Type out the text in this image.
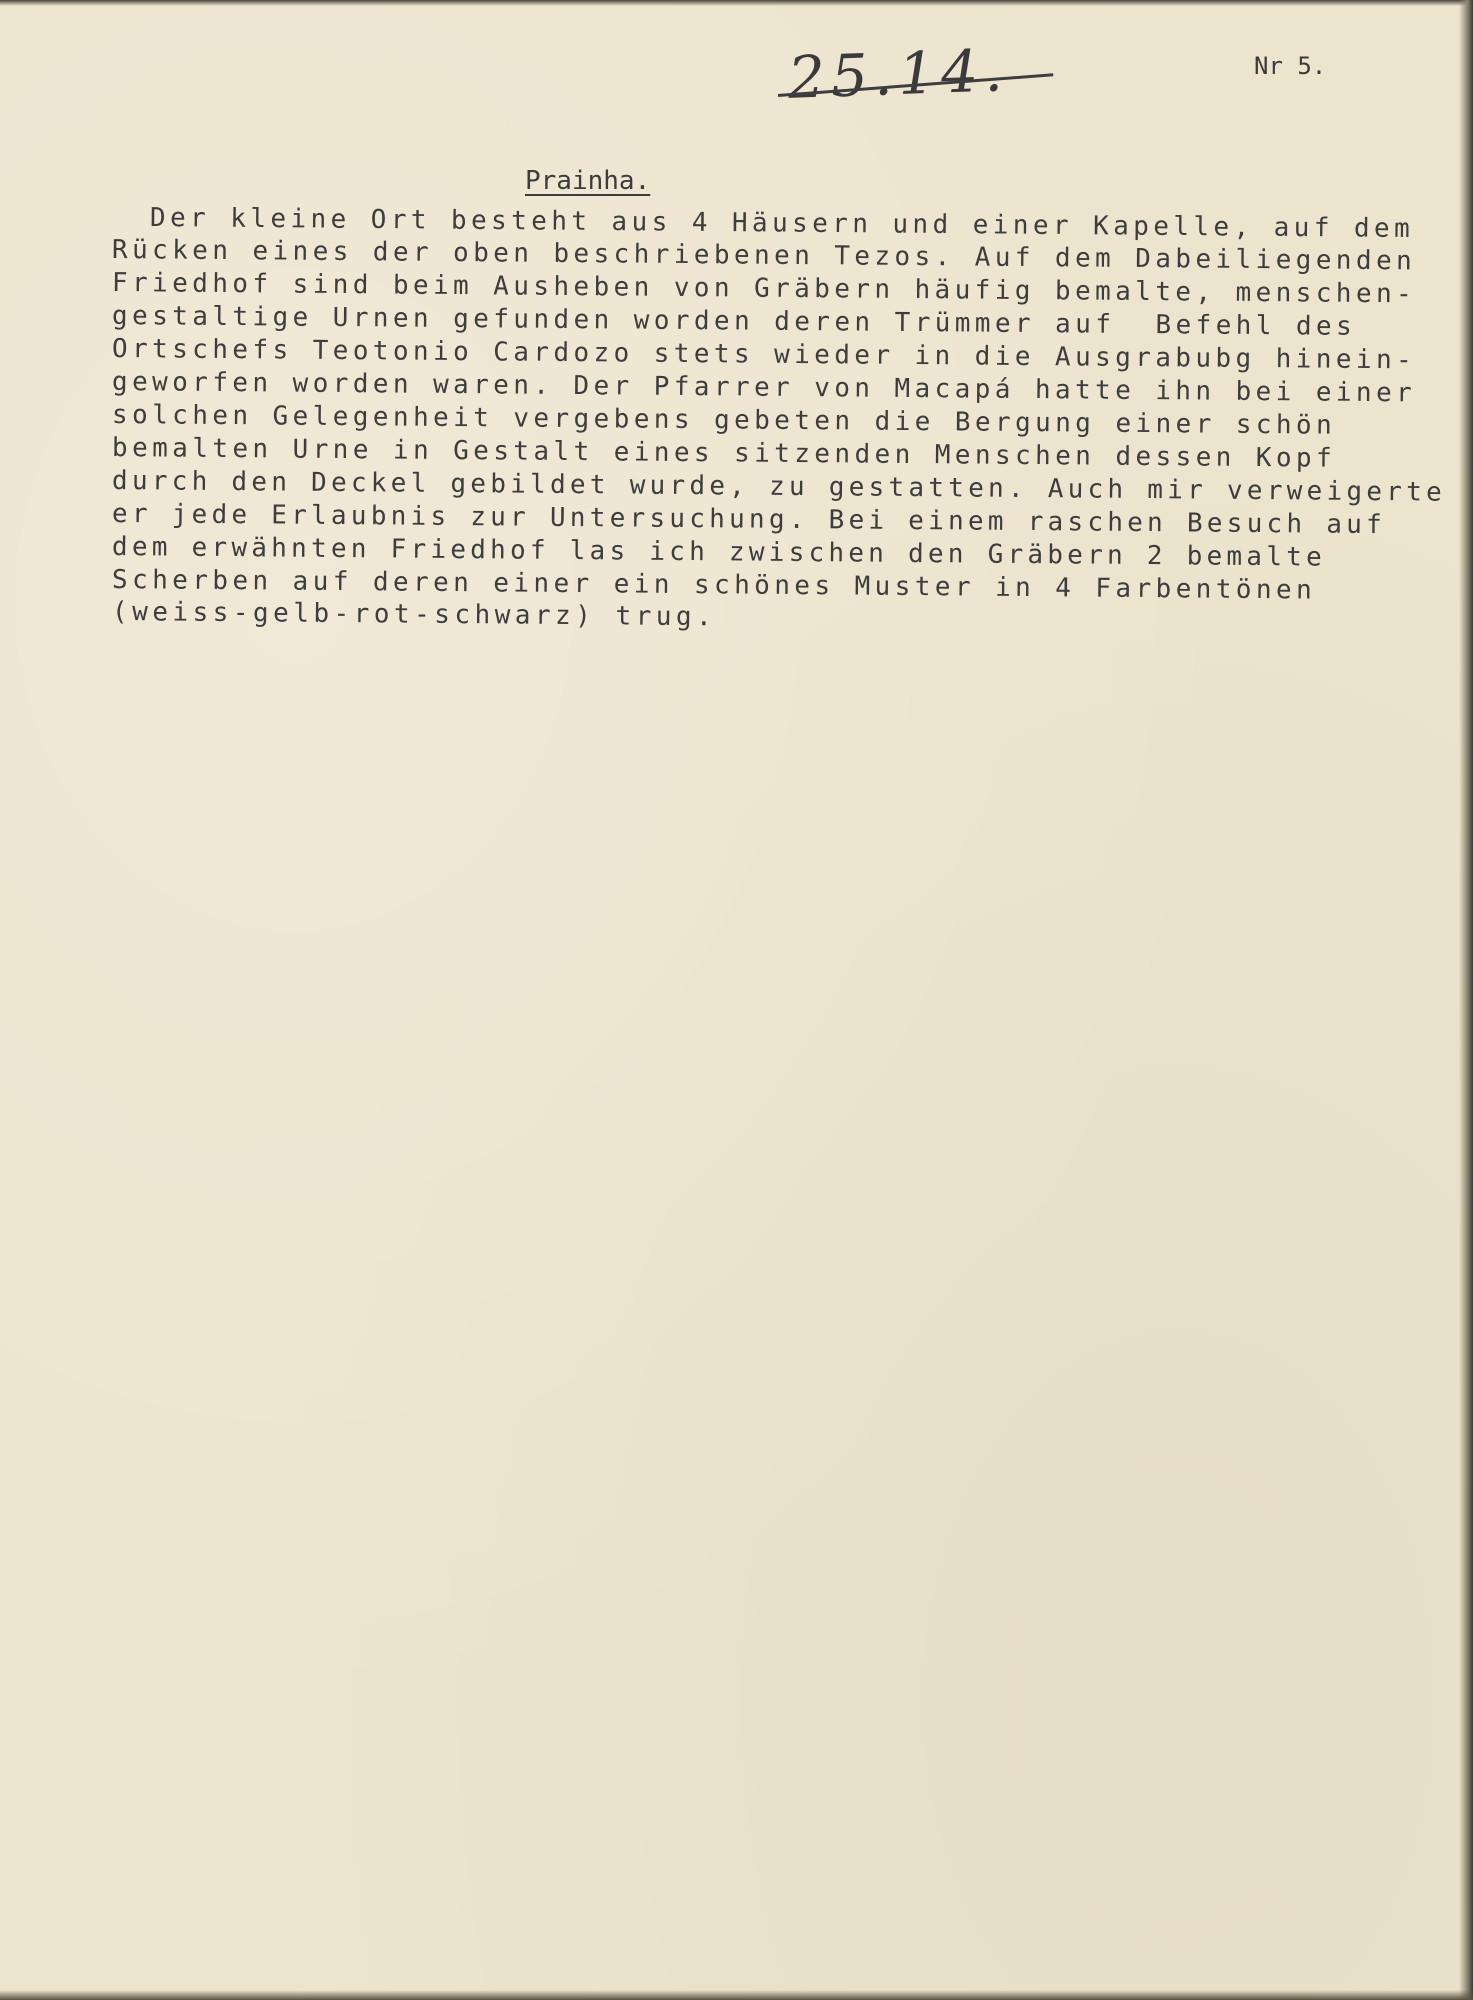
25.14.	Nr 5.
Prainha.
Der kleine Ort besteht aus 4 Häusern und einer Kapelle, auf dem
Rücken eines der oben beschriebenen Tezos. Auf dem Dabeiliegenden
Friedhof sind beim Ausheben von Gräbern häufig bemalte, menschen-
gestaltige Urnen gefunden worden deren Trümmer auf  Befehl des
Ortschefs Teotonio Cardozo stets wieder in die Ausgrabubg hinein-
geworfen worden waren. Der Pfarrer von Macapá hatte ihn bei einer
solchen Gelegenheit vergebens gebeten die Bergung einer schön
bemalten Urne in Gestalt eines sitzenden Menschen dessen Kopf
durch den Deckel gebildet wurde, zu gestatten. Auch mir verweigerte
er jede Erlaubnis zur Untersuchung. Bei einem raschen Besuch auf
dem erwähnten Friedhof las ich zwischen den Gräbern 2 bemalte
Scherben auf deren einer ein schönes Muster in 4 Farbentönen
(weiss-gelb-rot-schwarz) trug.
